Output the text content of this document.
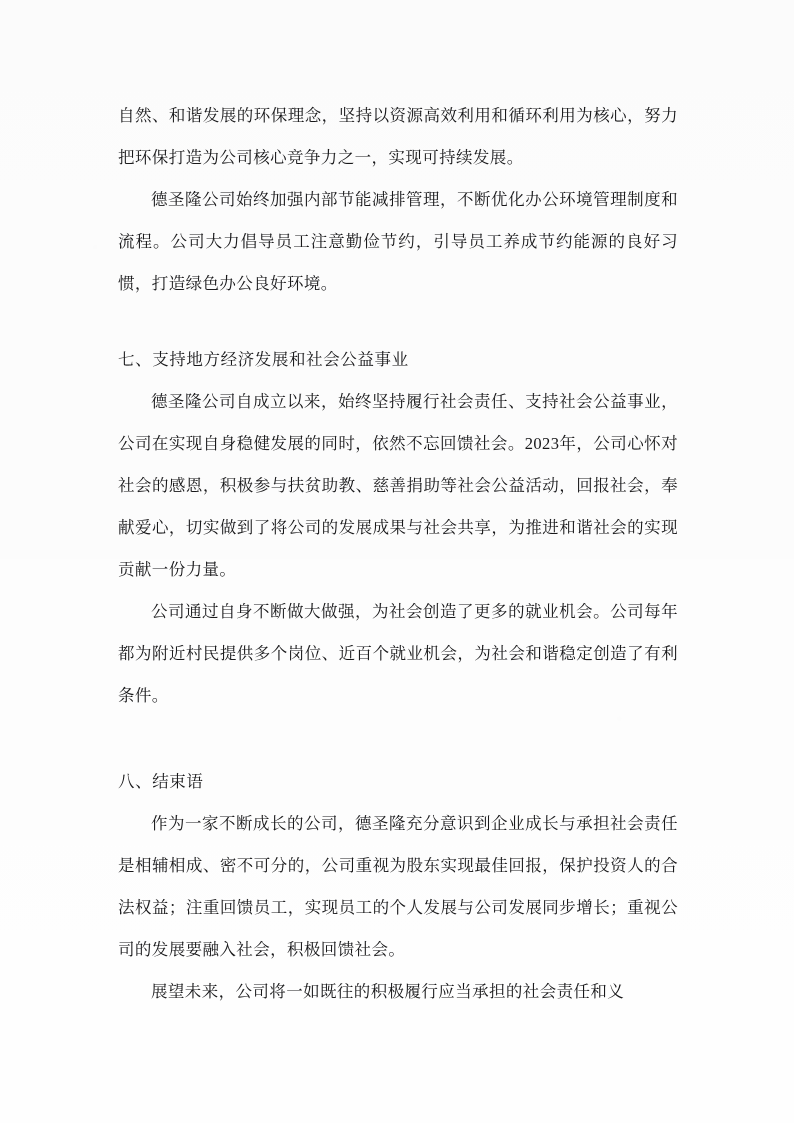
自然、和谐发展的环保理念，坚持以资源高效利用和循环利用为核心，努力把环保打造为公司核心竞争力之一，实现可持续发展。

德圣隆公司始终加强内部节能减排管理，不断优化办公环境管理制度和流程。公司大力倡导员工注意勤俭节约，引导员工养成节约能源的良好习惯，打造绿色办公良好环境。

七、支持地方经济发展和社会公益事业

德圣隆公司自成立以来，始终坚持履行社会责任、支持社会公益事业，公司在实现自身稳健发展的同时，依然不忘回馈社会。2023年，公司心怀对社会的感恩，积极参与扶贫助教、慈善捐助等社会公益活动，回报社会，奉献爱心，切实做到了将公司的发展成果与社会共享，为推进和谐社会的实现贡献一份力量。

公司通过自身不断做大做强，为社会创造了更多的就业机会。公司每年都为附近村民提供多个岗位、近百个就业机会，为社会和谐稳定创造了有利条件。

八、结束语

作为一家不断成长的公司，德圣隆充分意识到企业成长与承担社会责任是相辅相成、密不可分的，公司重视为股东实现最佳回报，保护投资人的合法权益；注重回馈员工，实现员工的个人发展与公司发展同步增长；重视公司的发展要融入社会，积极回馈社会。

展望未来，公司将一如既往的积极履行应当承担的社会责任和义
